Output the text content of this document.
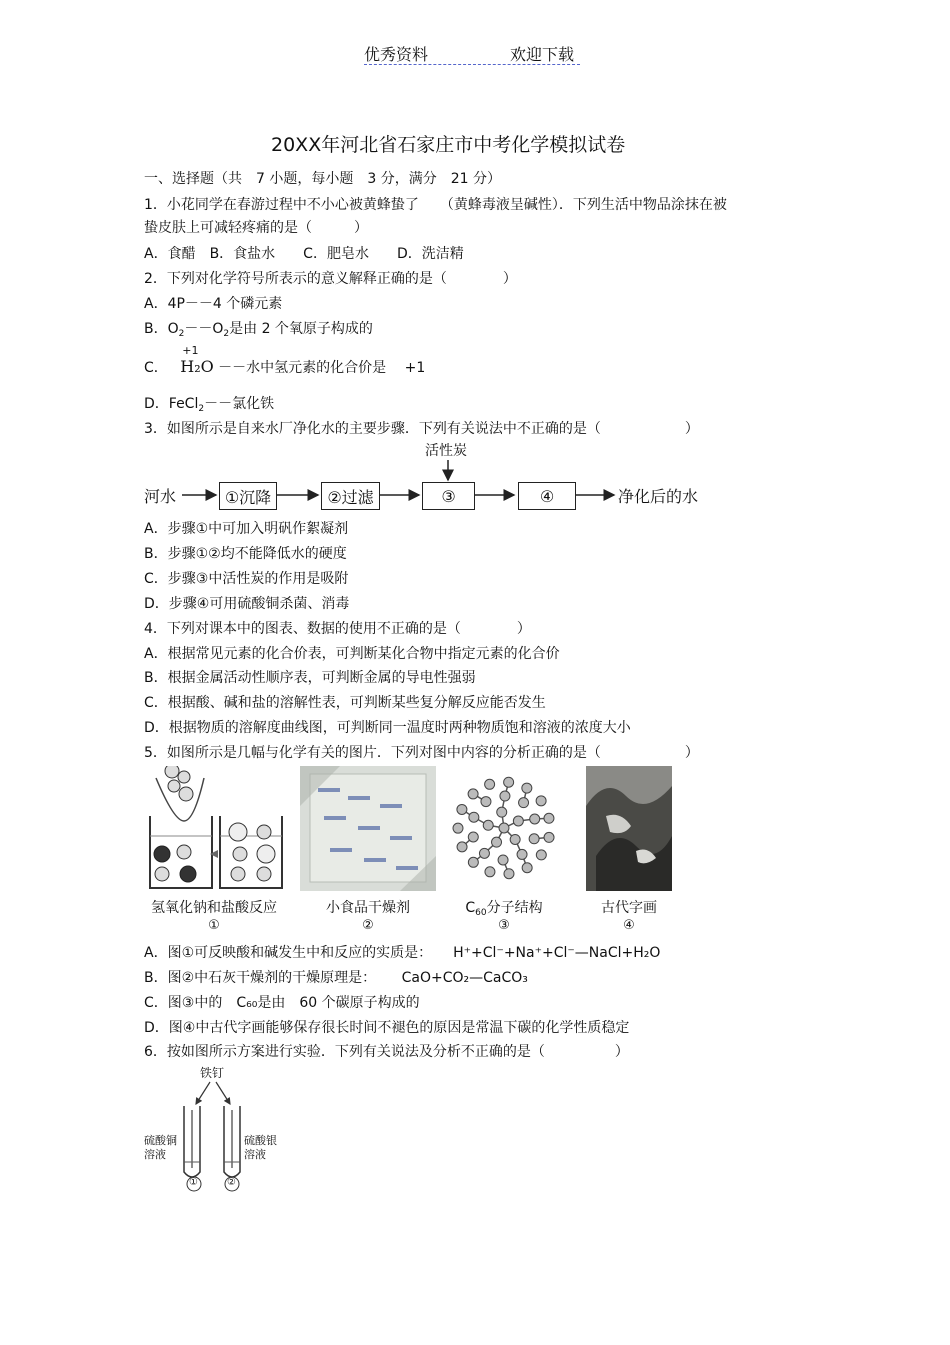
优秀资料	欢迎下载
20XX年河北省石家庄市中考化学模拟试卷
一、选择题（共　7 小题，每小题　3 分，满分　21 分）
1．小花同学在春游过程中不小心被黄蜂蛰了　　（黄蜂毒液呈碱性）．下列生活中物品涂抹在被
蛰皮肤上可减轻疼痛的是（　　　）
A．食醋　B．食盐水　　C．肥皂水　　D．洗洁精
2．下列对化学符号所表示的意义解释正确的是（　　　　）
A．4P－－4 个磷元素
B．$O_2--O_2$是由 2 个氧原子构成的
C．
+1
H₂O －－水中氢元素的化合价是　 +1
D．FeCl$_2$－－氯化铁
3．如图所示是自来水厂净化水的主要步骤．下列有关说法中不正确的是（　　　　　　）
河水	①沉降	②过滤	③
活性炭
④	净化后的水
A．步骤①中可加入明矾作絮凝剂
B．步骤①②均不能降低水的硬度
C．步骤③中活性炭的作用是吸附
D．步骤④可用硫酸铜杀菌、消毒
4．下列对课本中的图表、数据的使用不正确的是（　　　　）
A．根据常见元素的化合价表，可判断某化合物中指定元素的化合价
B．根据金属活动性顺序表，可判断金属的导电性强弱
C．根据酸、碱和盐的溶解性表，可判断某些复分解反应能否发生
D．根据物质的溶解度曲线图，可判断同一温度时两种物质饱和溶液的浓度大小
5．如图所示是几幅与化学有关的图片．下列对图中内容的分析正确的是（　　　　　　）
氢氧化钠和盐酸反应
①
小食品干燥剂
②
$C_{60}$分子结构
③
古代字画
④
A．图①可反映酸和碱发生中和反应的实质是：　　H⁺+Cl⁻+Na⁺+Cl⁻—NaCl+H₂O
B．图②中石灰干燥剂的干燥原理是：　　 CaO+CO₂—CaCO₃
C．图③中的　C₆₀是由　60 个碳原子构成的
D．图④中古代字画能够保存很长时间不褪色的原因是常温下碳的化学性质稳定
6．按如图所示方案进行实验．下列有关说法及分析不正确的是（　　　　　）
铁钉
硫酸铜溶液
硫酸银溶液
①	②
